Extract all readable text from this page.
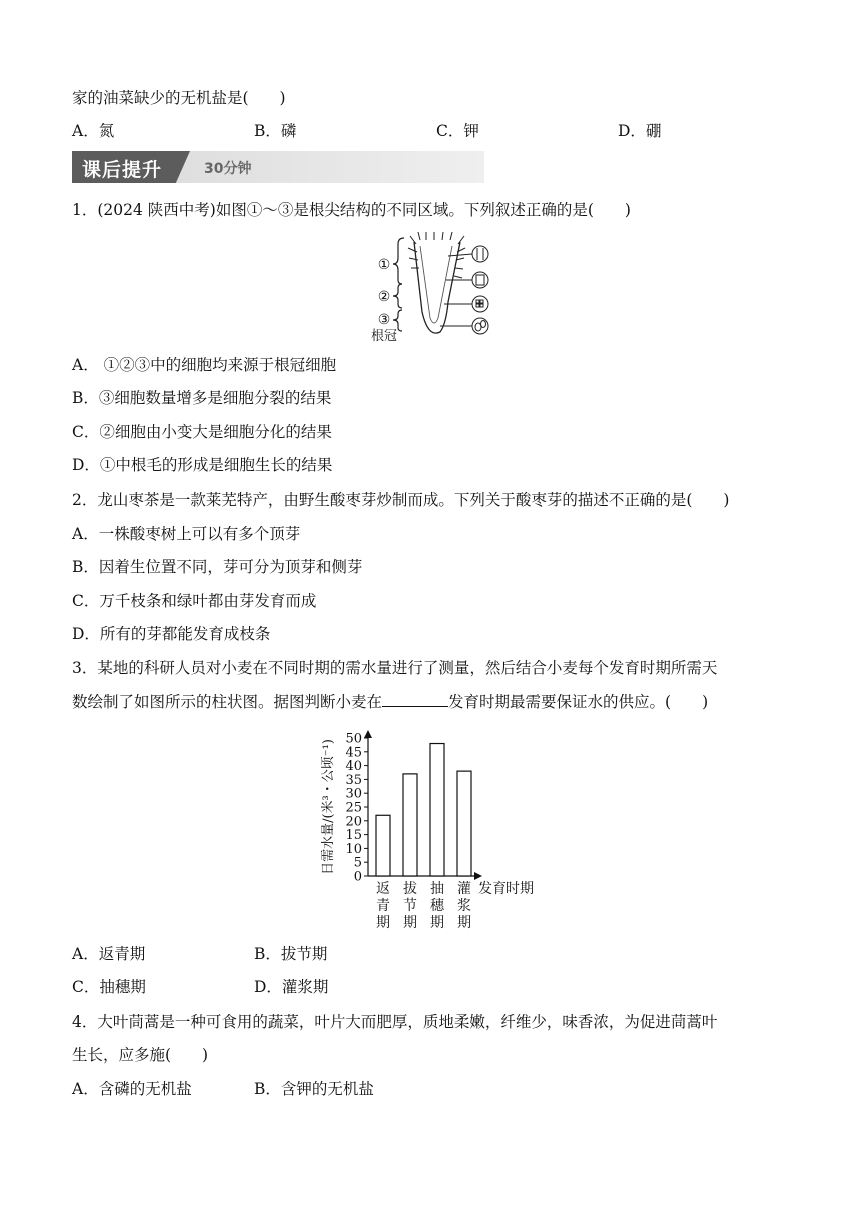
家的油菜缺少的无机盐是(　　)
A．氮	B．磷	C．钾	D．硼
课后提升	30分钟
1．(2024 陕西中考)如图①～③是根尖结构的不同区域。下列叙述正确的是(　　)
①
②
③
根冠
A． ①②③中的细胞均来源于根冠细胞
B．③细胞数量增多是细胞分裂的结果
C．②细胞由小变大是细胞分化的结果
D．①中根毛的形成是细胞生长的结果
2．龙山枣茶是一款莱芜特产，由野生酸枣芽炒制而成。下列关于酸枣芽的描述不正确的是(　　)
A．一株酸枣树上可以有多个顶芽
B．因着生位置不同，芽可分为顶芽和侧芽
C．万千枝条和绿叶都由芽发育而成
D．所有的芽都能发育成枝条
3．某地的科研人员对小麦在不同时期的需水量进行了测量，然后结合小麦每个发育时期所需天
数绘制了如图所示的柱状图。据图判断小麦在	发育时期最需要保证水的供应。(　　)
0
5
10
15
20
25
30
35
40
45
50
日需水量/(米³・公顷⁻¹)
返
青
期
拔
节
期
抽
穗
期
灌
浆
期
发育时期
A．返青期	B．拔节期
C．抽穗期	D．灌浆期
4．大叶茼蒿是一种可食用的蔬菜，叶片大而肥厚，质地柔嫩，纤维少，味香浓，为促进茼蒿叶
生长，应多施(　　)
A．含磷的无机盐	B．含钾的无机盐
